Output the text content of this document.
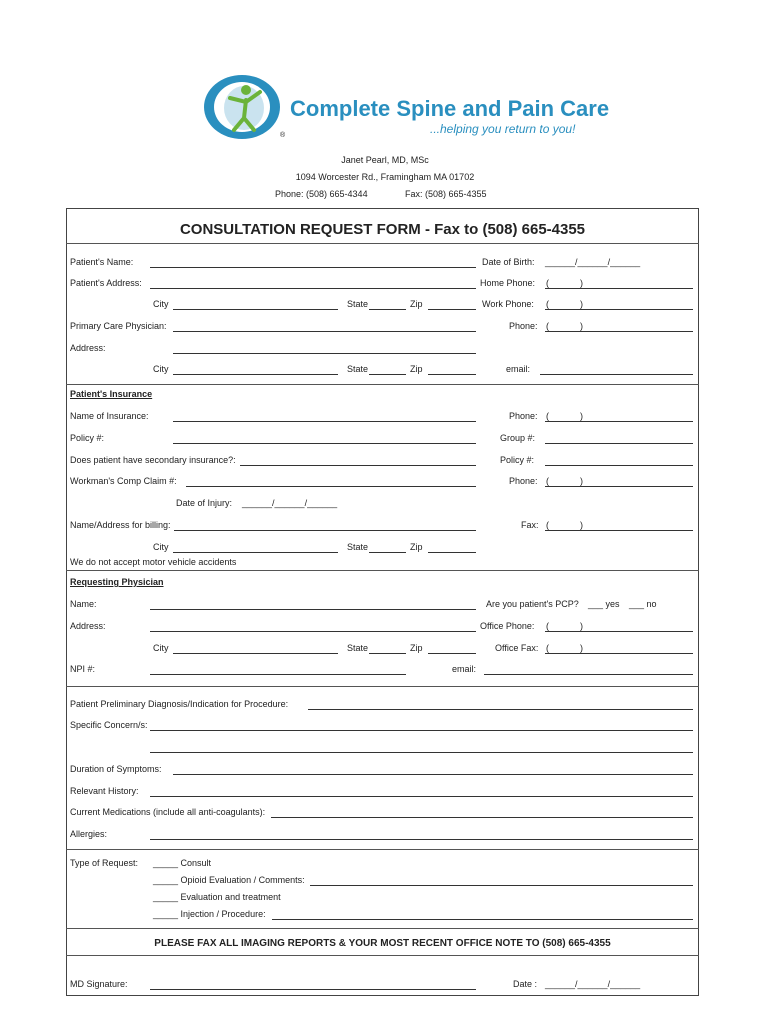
Complete Spine and Pain Care
...helping you return to you!
®
Janet Pearl, MD, MSc
1094 Worcester Rd., Framingham MA 01702
Phone: (508) 665-4344	Fax: (508) 665-4355
CONSULTATION REQUEST FORM - Fax to (508) 665-4355
Patient's Name:	Date of Birth: ______/______/______
Patient's Address:	Home Phone: (	)
City	State	Zip	Work Phone: (	)
Primary Care Physician:	Phone: (	)
Address:
City	State	Zip	email:
Patient's Insurance
Name of Insurance:	Phone: (	)
Policy #:	Group #:
Does patient have secondary insurance?:	Policy #:
Workman's Comp Claim #:	Phone: (	)
Date of Injury: ______/______/______
Name/Address for billing:	Fax: (	)
City	State	Zip
We do not accept motor vehicle accidents
Requesting Physician
Name:	Are you patient's PCP? ___ yes ___ no
Address:	Office Phone: (	)
City	State	Zip	Office Fax: (	)
NPI #:	email:
Patient Preliminary Diagnosis/Indication for Procedure:
Specific Concern/s:
Duration of Symptoms:
Relevant History:
Current Medications (include all anti-coagulants):
Allergies:
Type of Request: _____ Consult
_____ Opioid Evaluation / Comments:
_____ Evaluation and treatment
_____ Injection / Procedure:
PLEASE FAX ALL IMAGING REPORTS & YOUR MOST RECENT OFFICE NOTE TO (508) 665-4355
MD Signature:	Date : ______/______/______
